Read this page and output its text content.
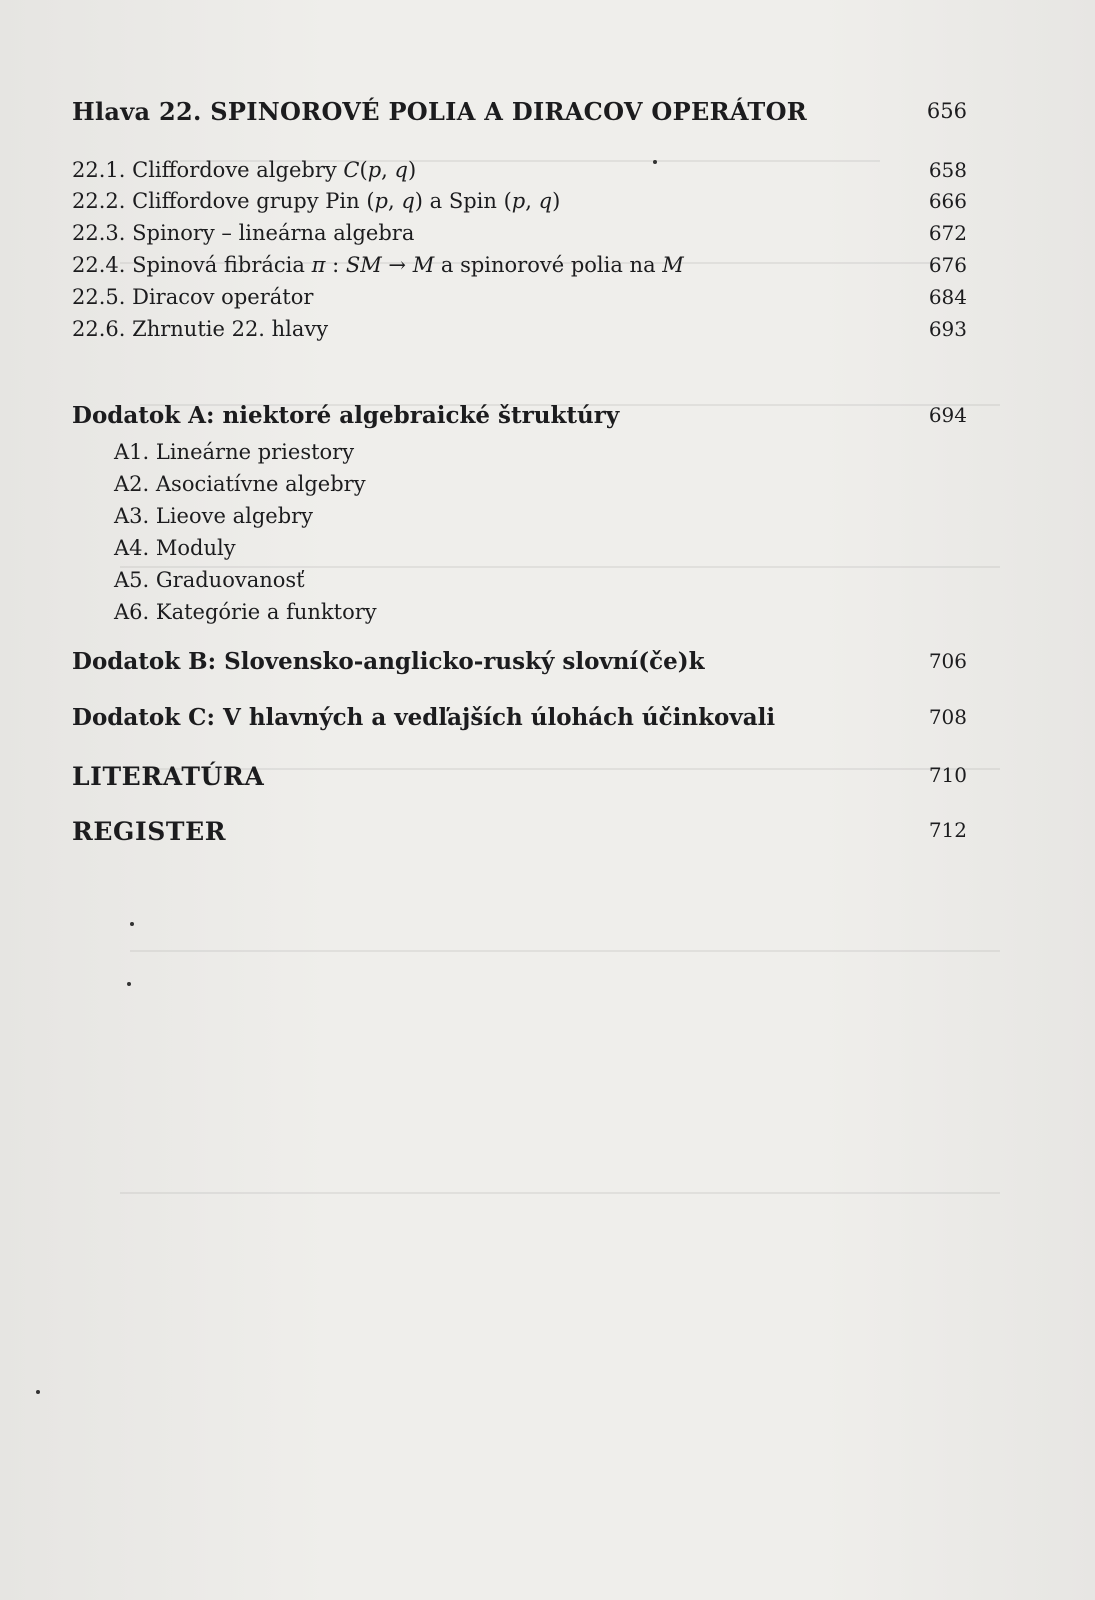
Hlava 22. SPINOROVÉ POLIA A DIRACOV OPERÁTOR	656
22.1. Cliffordove algebry C(p, q)	658
22.2. Cliffordove grupy Pin (p, q) a Spin (p, q)	666
22.3. Spinory – lineárna algebra	672
22.4. Spinová fibrácia π : SM → M a spinorové polia na M	676
22.5. Diracov operátor	684
22.6. Zhrnutie 22. hlavy	693
Dodatok A: niektoré algebraické štruktúry	694
A1. Lineárne priestory
A2. Asociatívne algebry
A3. Lieove algebry
A4. Moduly
A5. Graduovanosť
A6. Kategórie a funktory
Dodatok B: Slovensko-anglicko-ruský slovní(če)k	706
Dodatok C: V hlavných a vedľajších úlohách účinkovali	708
LITERATÚRA	710
REGISTER	712
